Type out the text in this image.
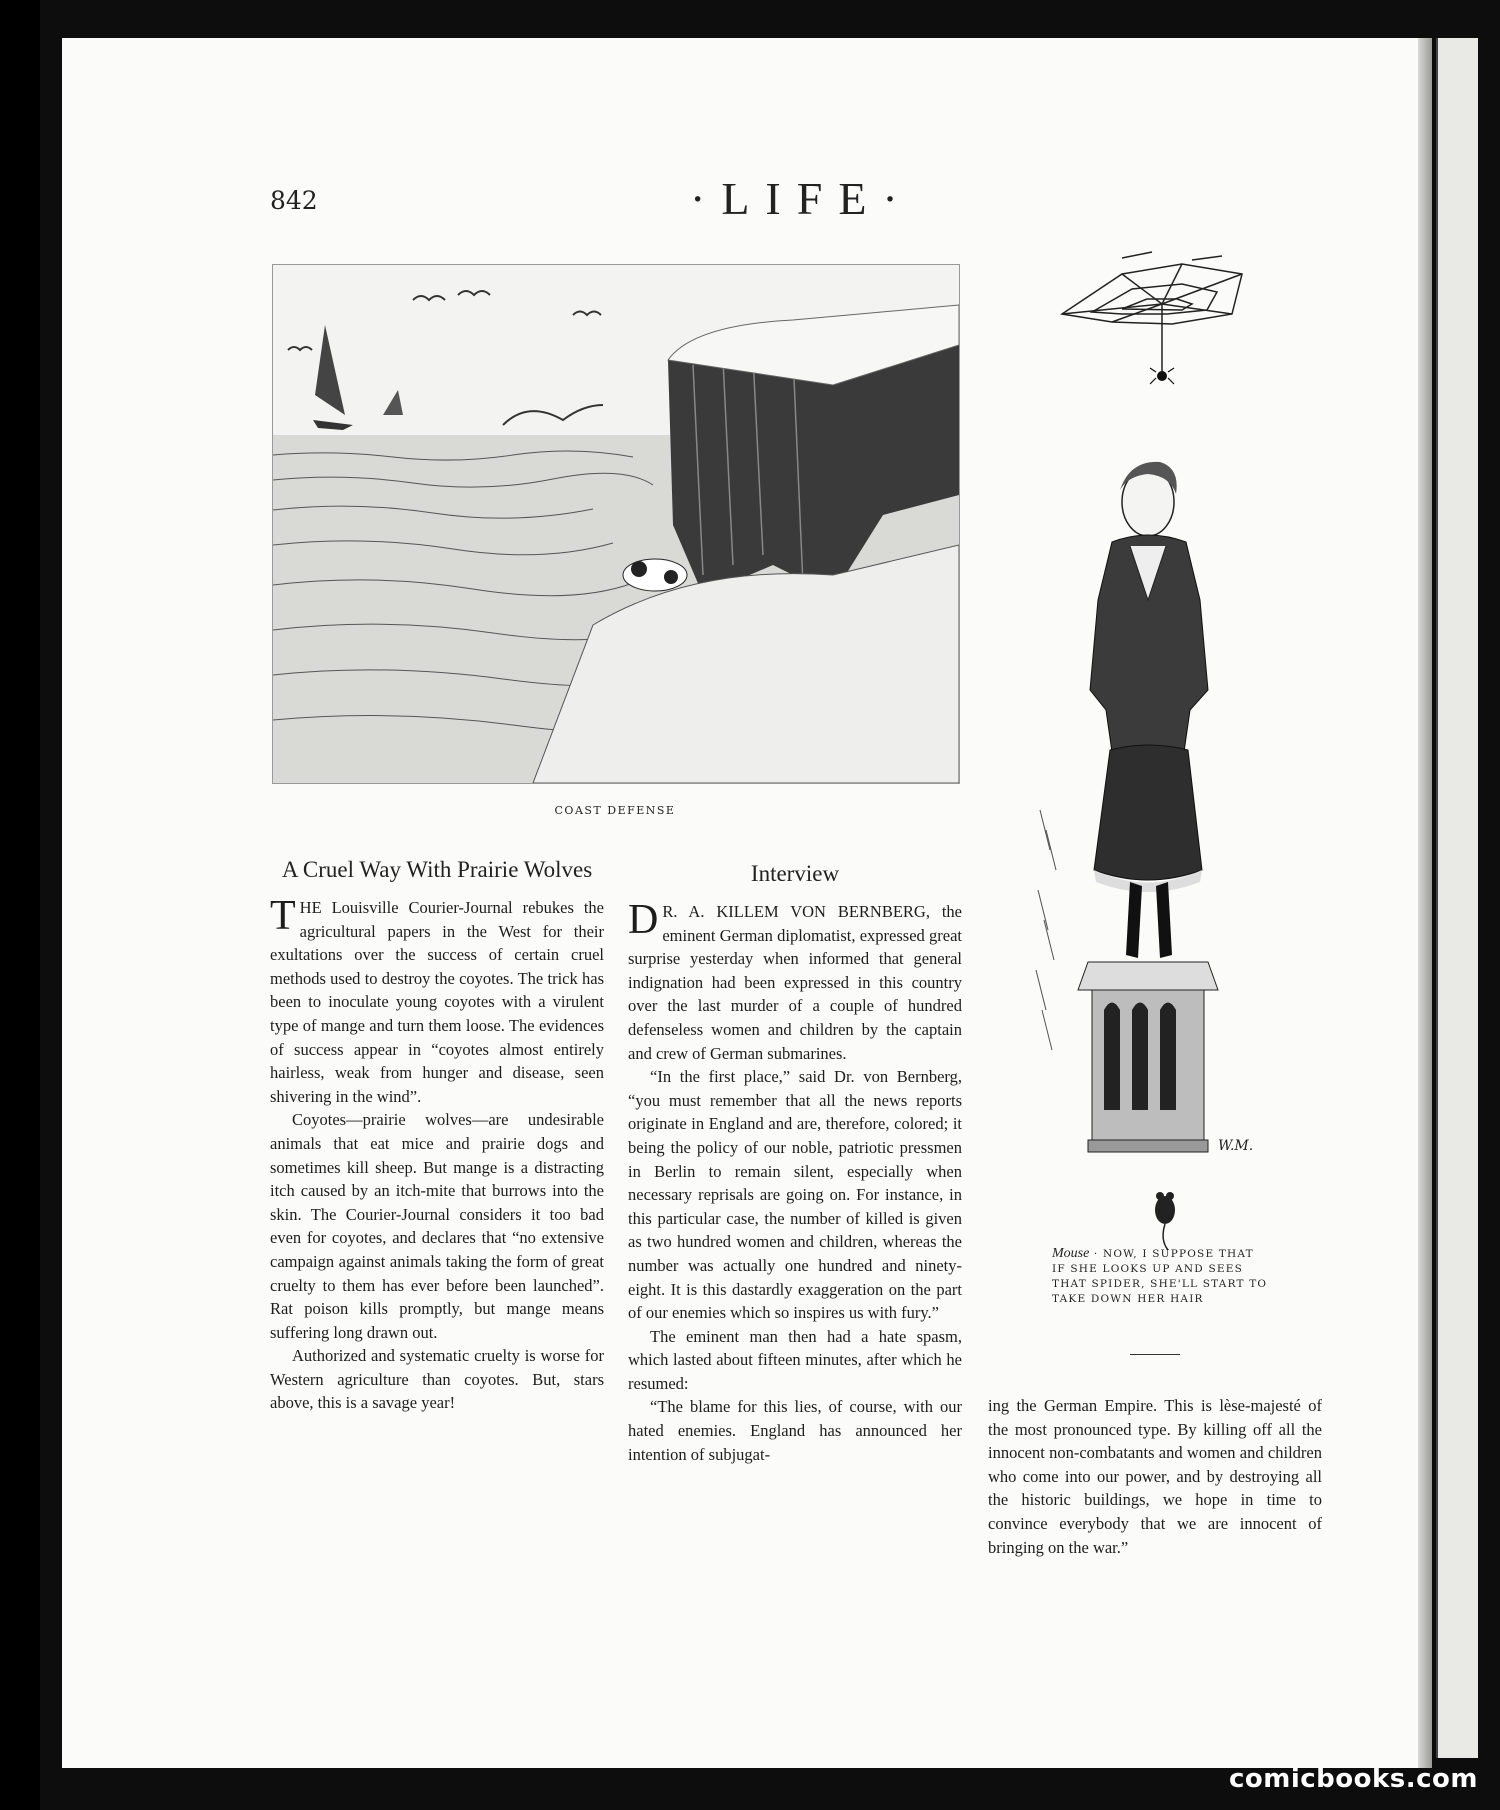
842	·LIFE·
COAST DEFENSE
A Cruel Way With Prairie Wolves

THE Louisville Courier-Journal rebukes the agricultural papers in the West for their exultations over the success of certain cruel methods used to destroy the coyotes. The trick has been to inoculate young coyotes with a virulent type of mange and turn them loose. The evidences of success appear in “coyotes almost entirely hairless, weak from hunger and disease, seen shivering in the wind”.

Coyotes—prairie wolves—are undesirable animals that eat mice and prairie dogs and sometimes kill sheep. But mange is a distracting itch caused by an itch-mite that burrows into the skin. The Courier-Journal considers it too bad even for coyotes, and declares that “no extensive campaign against animals taking the form of great cruelty to them has ever before been launched”. Rat poison kills promptly, but mange means suffering long drawn out.

Authorized and systematic cruelty is worse for Western agriculture than coyotes. But, stars above, this is a savage year!

Interview

D R. A. KILLEM VON BERNBERG, the eminent German diplomatist, expressed great surprise yesterday when informed that general indignation had been expressed in this country over the last murder of a couple of hundred defenseless women and children by the captain and crew of German submarines.

“In the first place,” said Dr. von Bernberg, “you must remember that all the news reports originate in England and are, therefore, colored; it being the policy of our noble, patriotic pressmen in Berlin to remain silent, especially when necessary reprisals are going on. For instance, in this particular case, the number of killed is given as two hundred women and children, whereas the number was actually one hundred and ninety-eight. It is this dastardly exaggeration on the part of our enemies which so inspires us with fury.”

The eminent man then had a hate spasm, which lasted about fifteen minutes, after which he resumed:

“The blame for this lies, of course, with our hated enemies. England has announced her intention of subjugat-

ing the German Empire. This is lèse-majesté of the most pronounced type. By killing off all the innocent non-combatants and women and children who come into our power, and by destroying all the historic buildings, we hope in time to convince everybody that we are innocent of bringing on the war.”

W.M.
Mouse · NOW, I SUPPOSE THAT IF SHE LOOKS UP AND SEES THAT SPIDER, SHE'LL START TO TAKE DOWN HER HAIR
comicbooks.com
